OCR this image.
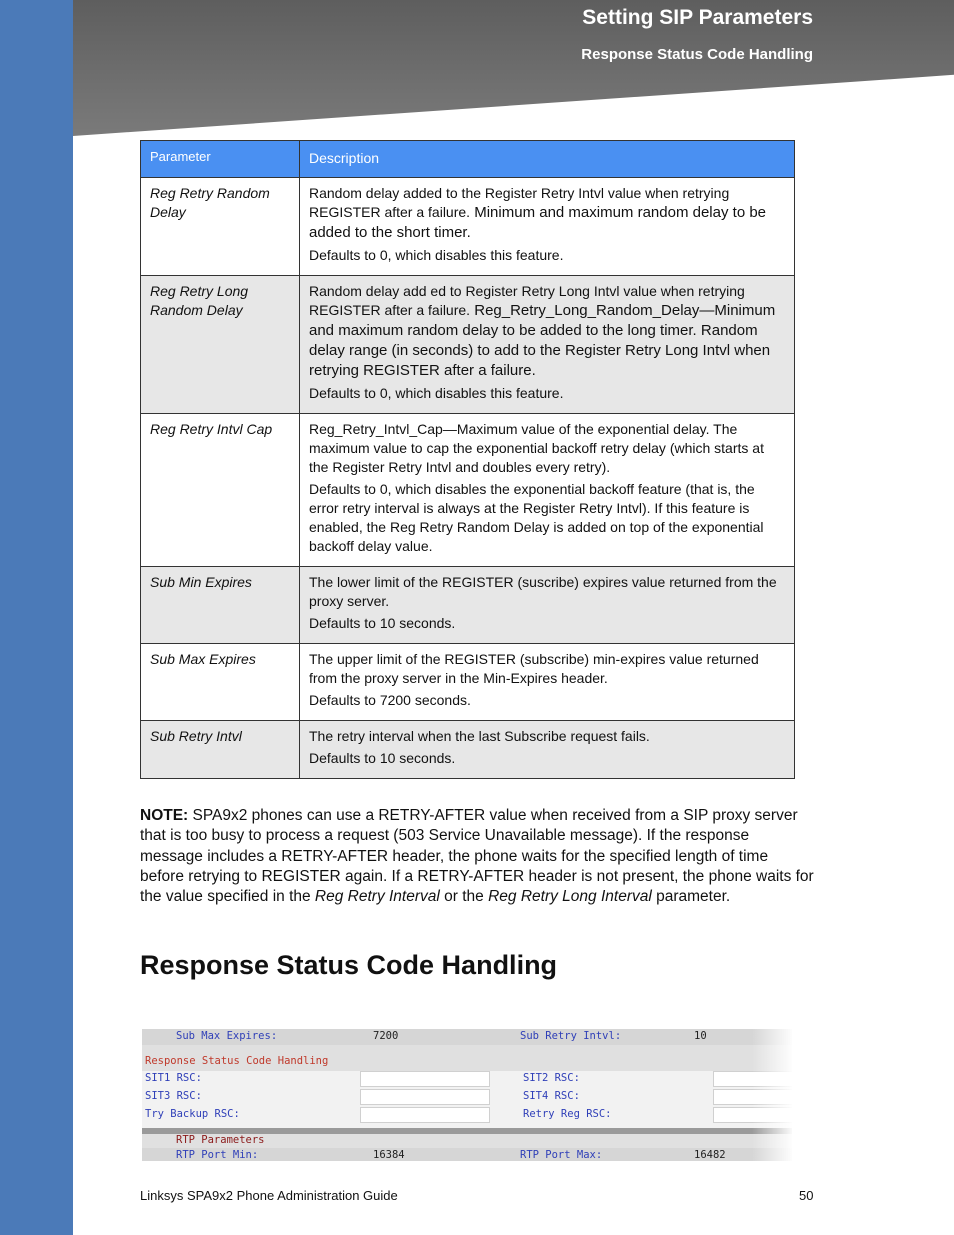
Setting SIP Parameters
Response Status Code Handling
Parameter	Description
Reg Retry Random Delay	Random delay added to the Register Retry Intvl value when retrying REGISTER after a failure. Minimum and maximum random delay to be added to the short timer.

Defaults to 0, which disables this feature.

Reg Retry Long Random Delay	Random delay add ed to Register Retry Long Intvl value when retrying REGISTER after a failure. Reg_Retry_Long_Random_Delay—Minimum and maximum random delay to be added to the long timer. Random delay range (in seconds) to add to the Register Retry Long Intvl when retrying REGISTER after a failure.

Defaults to 0, which disables this feature.

Reg Retry Intvl Cap	Reg_Retry_Intvl_Cap—Maximum value of the exponential delay. The maximum value to cap the exponential backoff retry delay (which starts at the Register Retry Intvl and doubles every retry).

Defaults to 0, which disables the exponential backoff feature (that is, the error retry interval is always at the Register Retry Intvl). If this feature is enabled, the Reg Retry Random Delay is added on top of the exponential backoff delay value.

Sub Min Expires	The lower limit of the REGISTER (suscribe) expires value returned from the proxy server.

Defaults to 10 seconds.

Sub Max Expires	The upper limit of the REGISTER (subscribe) min-expires value returned from the proxy server in the Min-Expires header.

Defaults to 7200 seconds.

Sub Retry Intvl	The retry interval when the last Subscribe request fails.

Defaults to 10 seconds.

NOTE: SPA9x2 phones can use a RETRY-AFTER value when received from a SIP proxy server that is too busy to process a request (503 Service Unavailable message). If the response message includes a RETRY-AFTER header, the phone waits for the specified length of time before retrying to REGISTER again. If a RETRY-AFTER header is not present, the phone waits for the value specified in the Reg Retry Interval or the Reg Retry Long Interval parameter.

Response Status Code Handling
Sub Max Expires:	7200	Sub Retry Intvl:	10
Response Status Code Handling
SIT1 RSC:	SIT2 RSC:
SIT3 RSC:	SIT4 RSC:
Try Backup RSC:	Retry Reg RSC:
RTP Parameters
RTP Port Min:	16384	RTP Port Max:	16482
Linksys SPA9x2 Phone Administration Guide	50
